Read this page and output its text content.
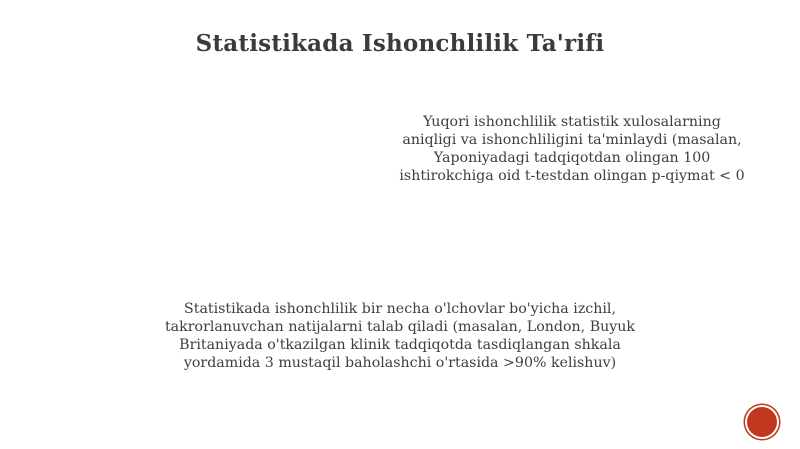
Statistikada Ishonchlilik Ta'rifi
Yuqori ishonchlilik statistik xulosalarning
aniqligi va ishonchliligini ta'minlaydi (masalan,
Yaponiyadagi tadqiqotdan olingan 100
ishtirokchiga oid t-testdan olingan p-qiymat < 0
Statistikada ishonchlilik bir necha o'lchovlar bo'yicha izchil,
takrorlanuvchan natijalarni talab qiladi (masalan, London, Buyuk
Britaniyada o'tkazilgan klinik tadqiqotda tasdiqlangan shkala
yordamida 3 mustaqil baholashchi o'rtasida >90% kelishuv)
